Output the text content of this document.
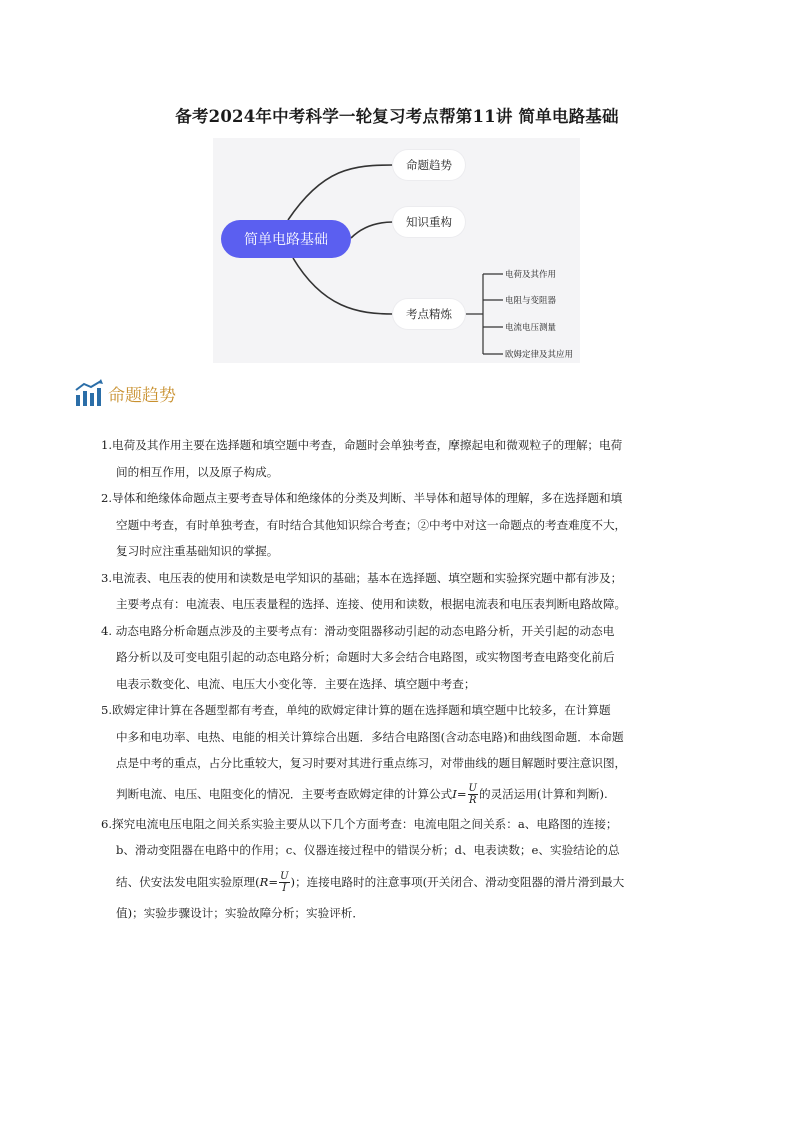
备考2024年中考科学一轮复习考点帮第11讲 简单电路基础
简单电路基础
命题趋势
知识重构
考点精炼
电荷及其作用
电阻与变阻器
电流电压测量
欧姆定律及其应用
命题趋势
1.电荷及其作用主要在选择题和填空题中考查，命题时会单独考查，摩擦起电和微观粒子的理解；电荷
间的相互作用，以及原子构成。
2.导体和绝缘体命题点主要考查导体和绝缘体的分类及判断、半导体和超导体的理解，多在选择题和填
空题中考查，有时单独考查，有时结合其他知识综合考查；②中考中对这一命题点的考查难度不大，
复习时应注重基础知识的掌握。
3.电流表、电压表的使用和读数是电学知识的基础；基本在选择题、填空题和实验探究题中都有涉及；
主要考点有：电流表、电压表量程的选择、连接、使用和读数，根据电流表和电压表判断电路故障。
4. 动态电路分析命题点涉及的主要考点有：滑动变阻器移动引起的动态电路分析，开关引起的动态电
路分析以及可变电阻引起的动态电路分析；命题时大多会结合电路图，或实物图考查电路变化前后
电表示数变化、电流、电压大小变化等．主要在选择、填空题中考查；
5.欧姆定律计算在各题型都有考查，单纯的欧姆定律计算的题在选择题和填空题中比较多，在计算题
中多和电功率、电热、电能的相关计算综合出题．多结合电路图(含动态电路)和曲线图命题．本命题
点是中考的重点，占分比重较大，复习时要对其进行重点练习，对带曲线的题目解题时要注意识图，
判断电流、电压、电阻变化的情况．主要考查欧姆定律的计算公式$I= \frac{U}{R}$ 的灵活运用(计算和判断).
6.探究电流电压电阻之间关系实验主要从以下几个方面考查：电流电阻之间关系：a、电路图的连接；
b、滑动变阻器在电路中的作用；c、仪器连接过程中的错误分析；d、电表读数；e、实验结论的总
结、伏安法发电阻实验原理($R= \frac{U}{I}$ )；连接电路时的注意事项(开关闭合、滑动变阻器的滑片滑到最大
值)；实验步骤设计；实验故障分析；实验评析．
